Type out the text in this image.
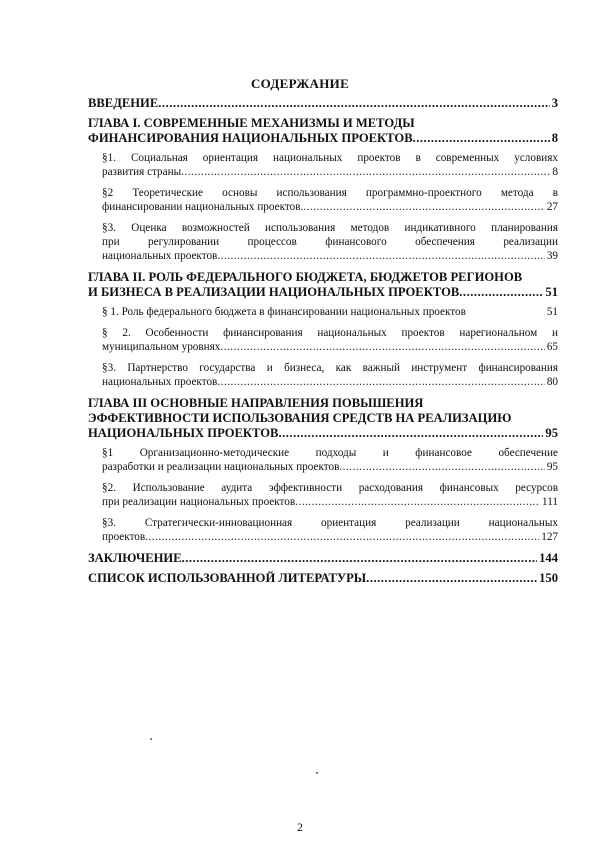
СОДЕРЖАНИЕ
ВВЕДЕНИЕ .....	3
ГЛАВА I. СОВРЕМЕННЫЕ МЕХАНИЗМЫ И МЕТОДЫ
ФИНАНСИРОВАНИЯ НАЦИОНАЛЬНЫХ ПРОЕКТОВ .....	8
§1. Социальная ориентация национальных проектов в современных условиях
развития страны .....	8
§2 Теоретические основы использования программно-проектного метода в
финансировании национальных проектов. .....	27
§3. Оценка возможностей использования методов индикативного планирования
при регулировании процессов финансового обеспечения реализации
национальных проектов .....	39
ГЛАВА II. РОЛЬ ФЕДЕРАЛЬНОГО БЮДЖЕТА, БЮДЖЕТОВ РЕГИОНОВ
И БИЗНЕСА В РЕАЛИЗАЦИИ НАЦИОНАЛЬНЫХ ПРОЕКТОВ .....	51
§ 1. Роль федерального бюджета в финансировании национальных проектов	51
§ 2. Особенности финансирования национальных проектов нарегиональном и
муниципальном уровнях .....	65
§3. Партнерство государства и бизнеса, как важный инструмент финансирования
национальных проектов .....	80
ГЛАВА III ОСНОВНЫЕ НАПРАВЛЕНИЯ ПОВЫШЕНИЯ
ЭФФЕКТИВНОСТИ ИСПОЛЬЗОВАНИЯ СРЕДСТВ НА РЕАЛИЗАЦИЮ
НАЦИОНАЛЬНЫХ ПРОЕКТОВ .....	95
§1 Организационно-методические подходы и финансовое обеспечение
разработки и реализации национальных проектов .....	95
§2. Использование аудита эффективности расходования финансовых ресурсов
при реализации национальных проектов .....	111
§3. Стратегически-инновационная ориентация реализации национальных
проектов .....	127
ЗАКЛЮЧЕНИЕ .....	144
СПИСОК ИСПОЛЬЗОВАННОЙ ЛИТЕРАТУРЫ .....	150
2
